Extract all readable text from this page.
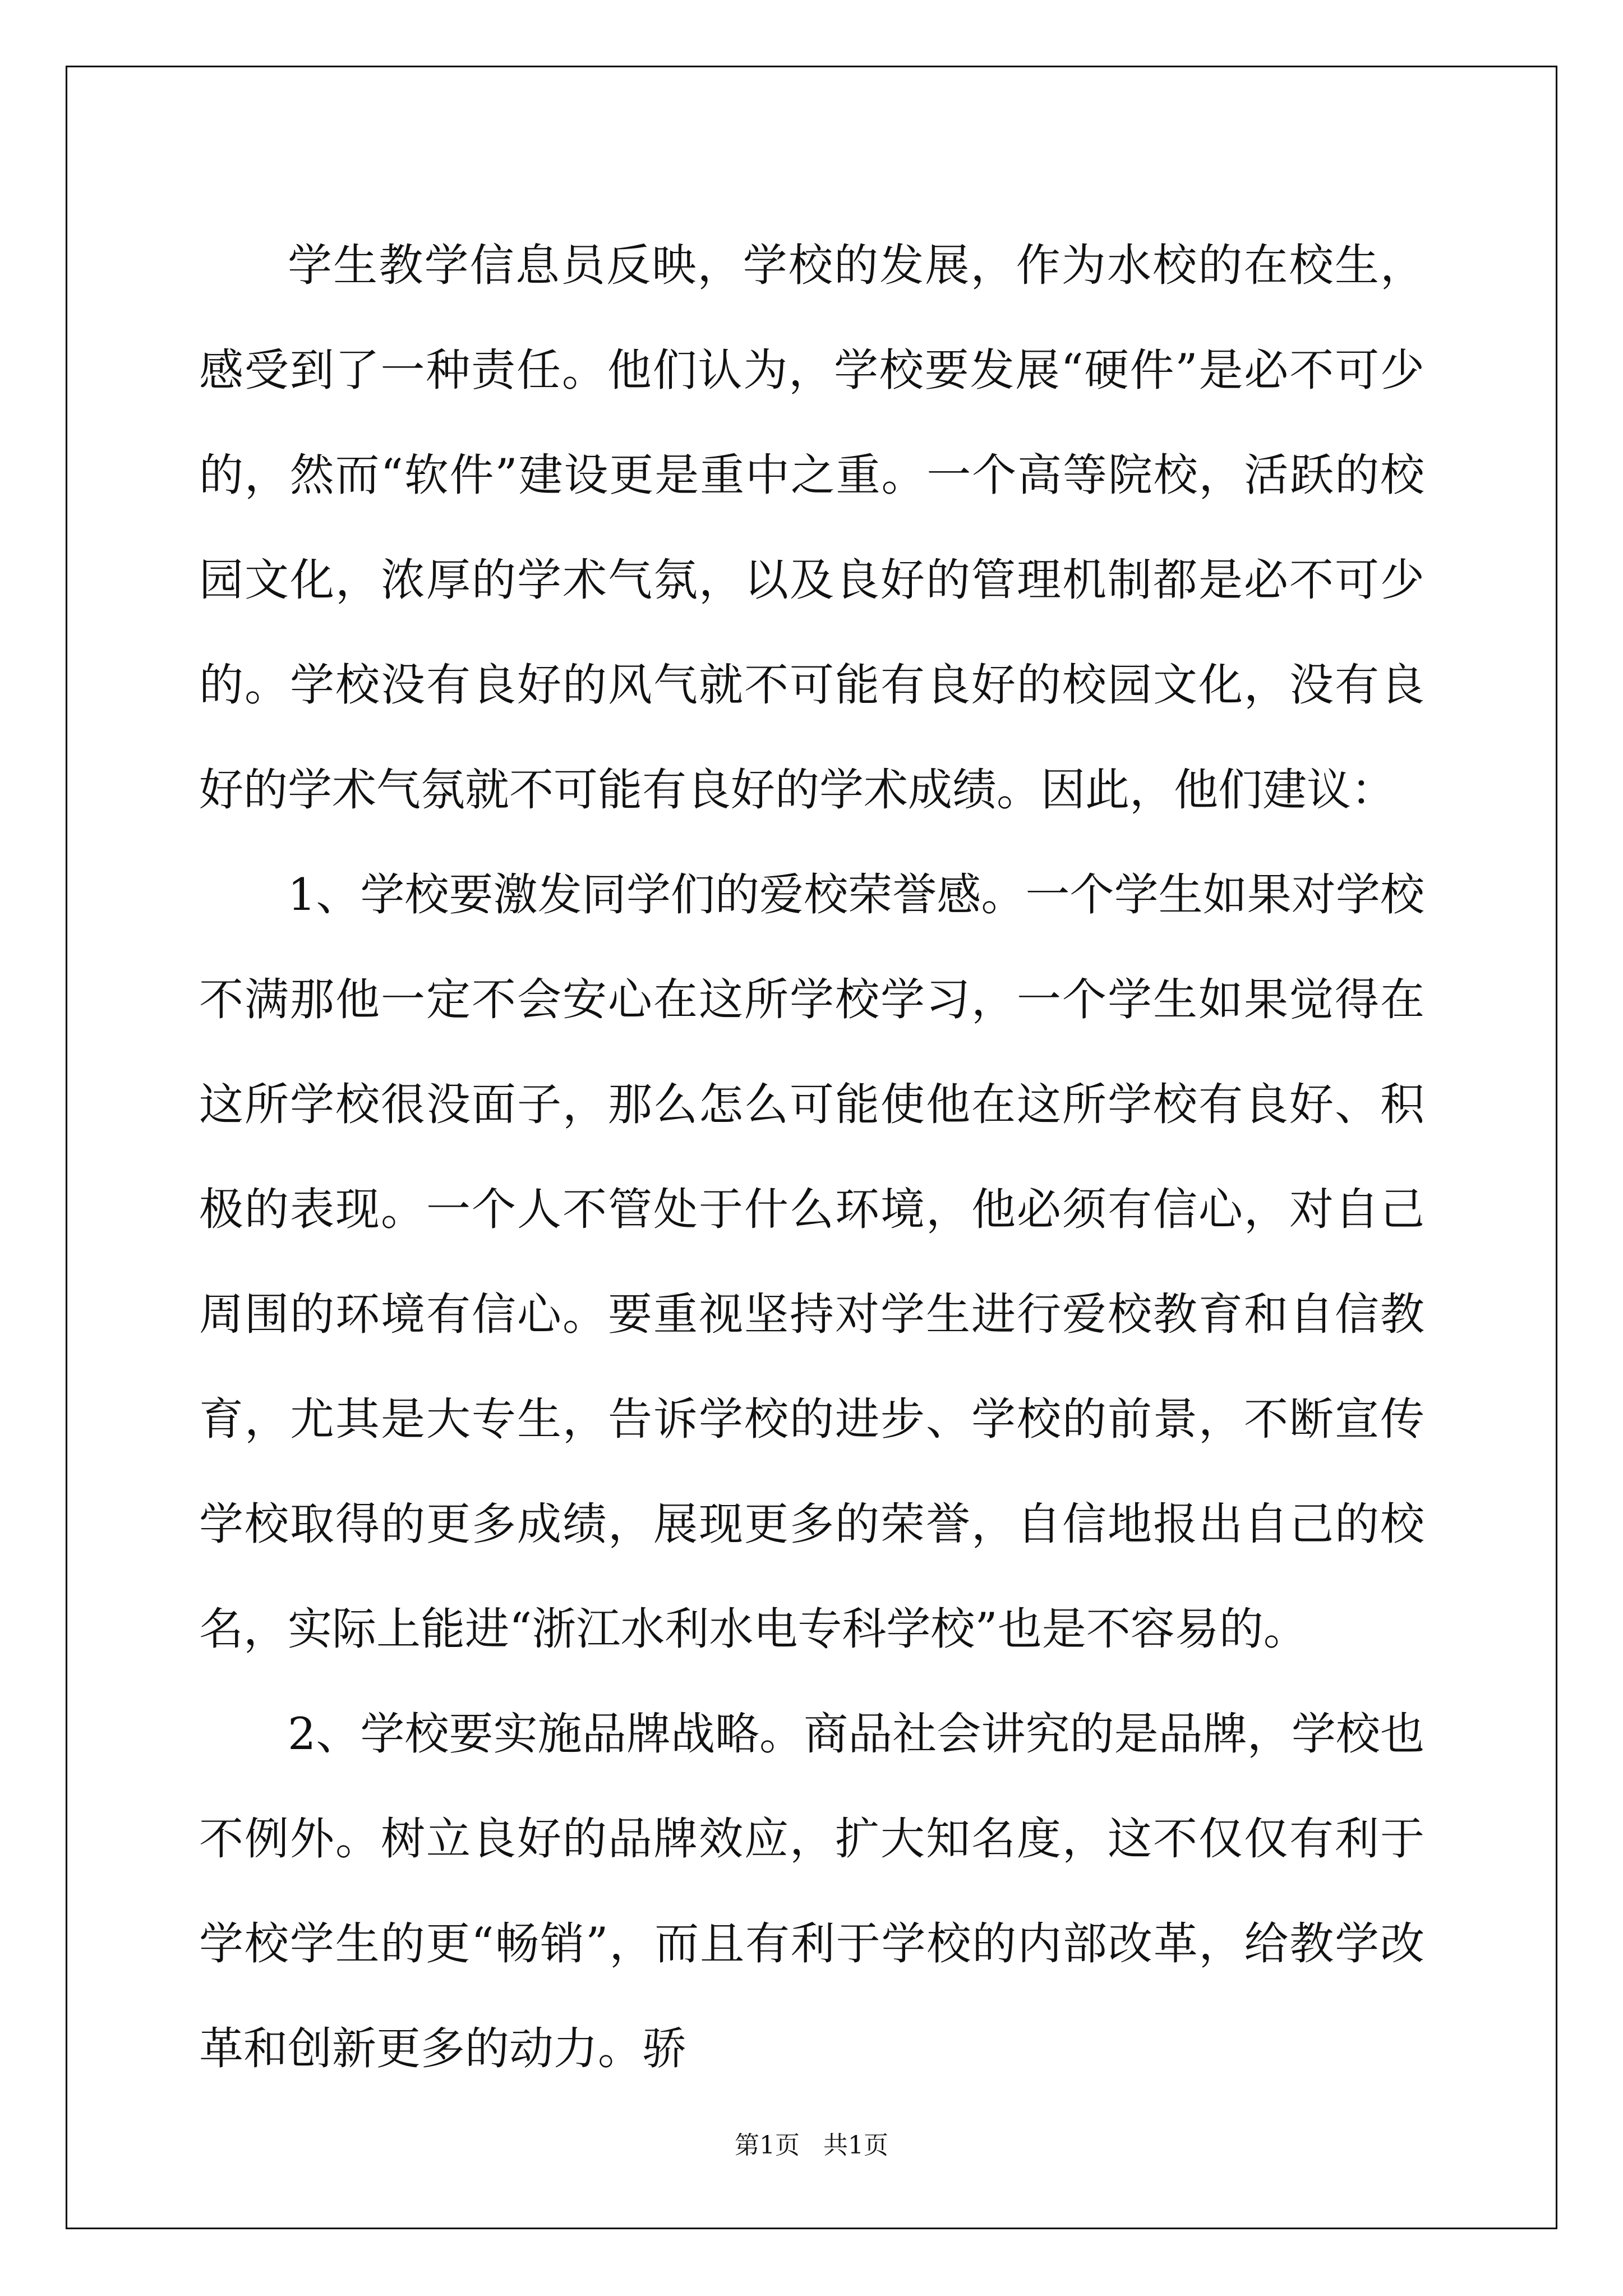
学生教学信息员反映，学校的发展，作为水校的在校生，感受到了一种责任。他们认为，学校要发展“硬件”是必不可少的，然而“软件”建设更是重中之重。一个高等院校，活跃的校园文化，浓厚的学术气氛，以及良好的管理机制都是必不可少的。学校没有良好的风气就不可能有良好的校园文化，没有良好的学术气氛就不可能有良好的学术成绩。因此，他们建议：

1、学校要激发同学们的爱校荣誉感。一个学生如果对学校不满那他一定不会安心在这所学校学习，一个学生如果觉得在这所学校很没面子，那么怎么可能使他在这所学校有良好、积极的表现。一个人不管处于什么环境，他必须有信心，对自己周围的环境有信心。要重视坚持对学生进行爱校教育和自信教育，尤其是大专生，告诉学校的进步、学校的前景，不断宣传学校取得的更多成绩，展现更多的荣誉，自信地报出自己的校名，实际上能进“浙江水利水电专科学校”也是不容易的。

2、学校要实施品牌战略。商品社会讲究的是品牌，学校也不例外。树立良好的品牌效应，扩大知名度，这不仅仅有利于学校学生的更“畅销”，而且有利于学校的内部改革，给教学改革和创新更多的动力。骄

第1页   共1页
